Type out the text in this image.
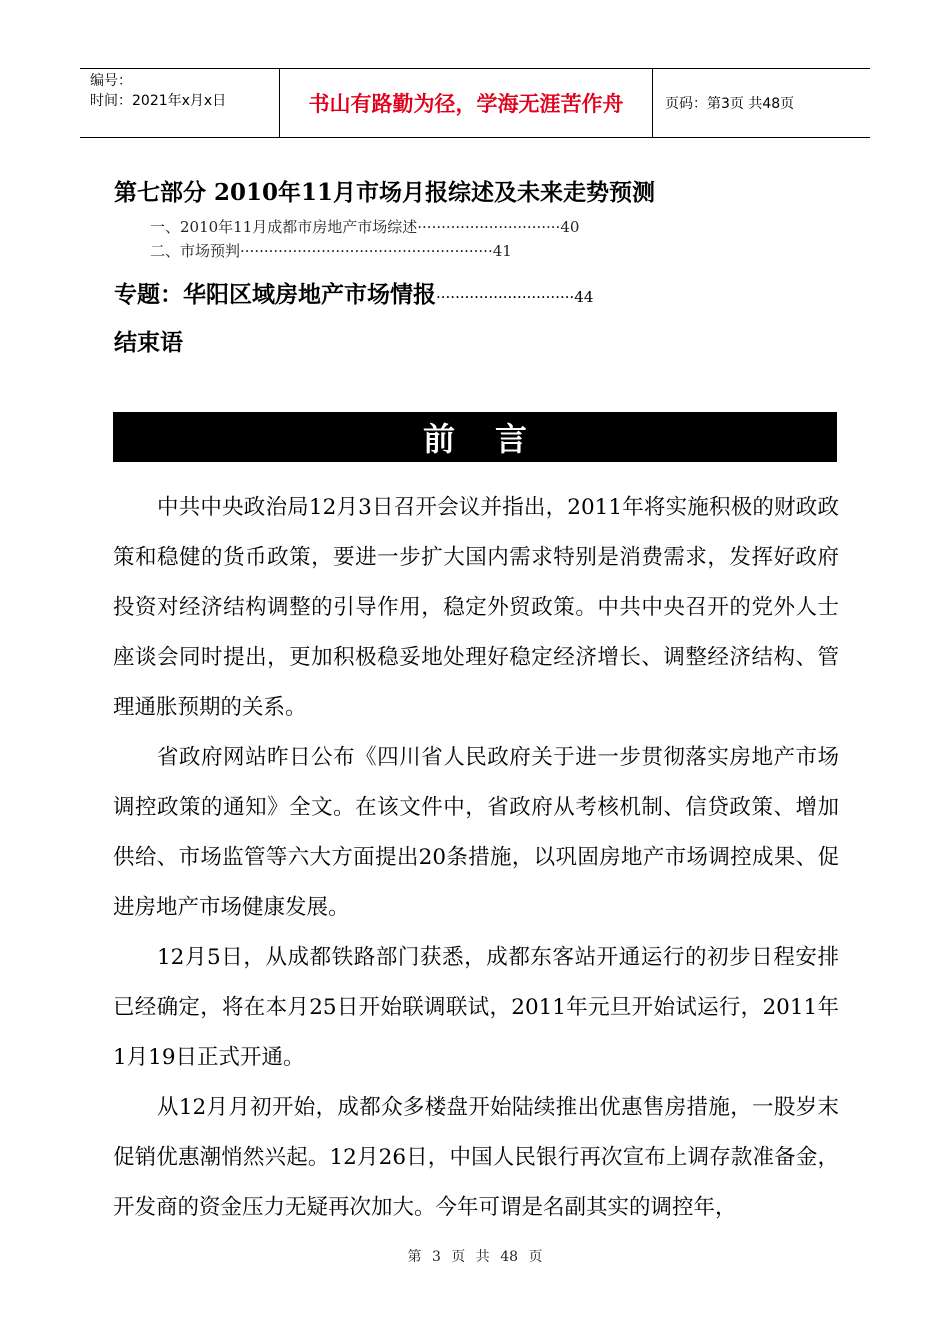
编号：
时间：2021年x月x日	书山有路勤为径，学海无涯苦作舟	页码：第3页 共48页
第七部分 2010年11月市场月报综述及未来走势预测
一、2010年11月成都市房地产市场综述······························40
二、市场预判·····················································41
专题：华阳区域房地产市场情报·····························44
结束语
前言

中共中央政治局12月3日召开会议并指出，2011年将实施积极的财政政策和稳健的货币政策，要进一步扩大国内需求特别是消费需求，发挥好政府投资对经济结构调整的引导作用，稳定外贸政策。中共中央召开的党外人士座谈会同时提出，更加积极稳妥地处理好稳定经济增长、调整经济结构、管理通胀预期的关系。

省政府网站昨日公布《四川省人民政府关于进一步贯彻落实房地产市场调控政策的通知》全文。在该文件中，省政府从考核机制、信贷政策、增加供给、市场监管等六大方面提出20条措施，以巩固房地产市场调控成果、促进房地产市场健康发展。

12月5日，从成都铁路部门获悉，成都东客站开通运行的初步日程安排已经确定，将在本月25日开始联调联试，2011年元旦开始试运行，2011年1月19日正式开通。

从12月月初开始，成都众多楼盘开始陆续推出优惠售房措施，一股岁末促销优惠潮悄然兴起。12月26日，中国人民银行再次宣布上调存款准备金，开发商的资金压力无疑再次加大。今年可谓是名副其实的调控年，

第 3 页 共 48 页
